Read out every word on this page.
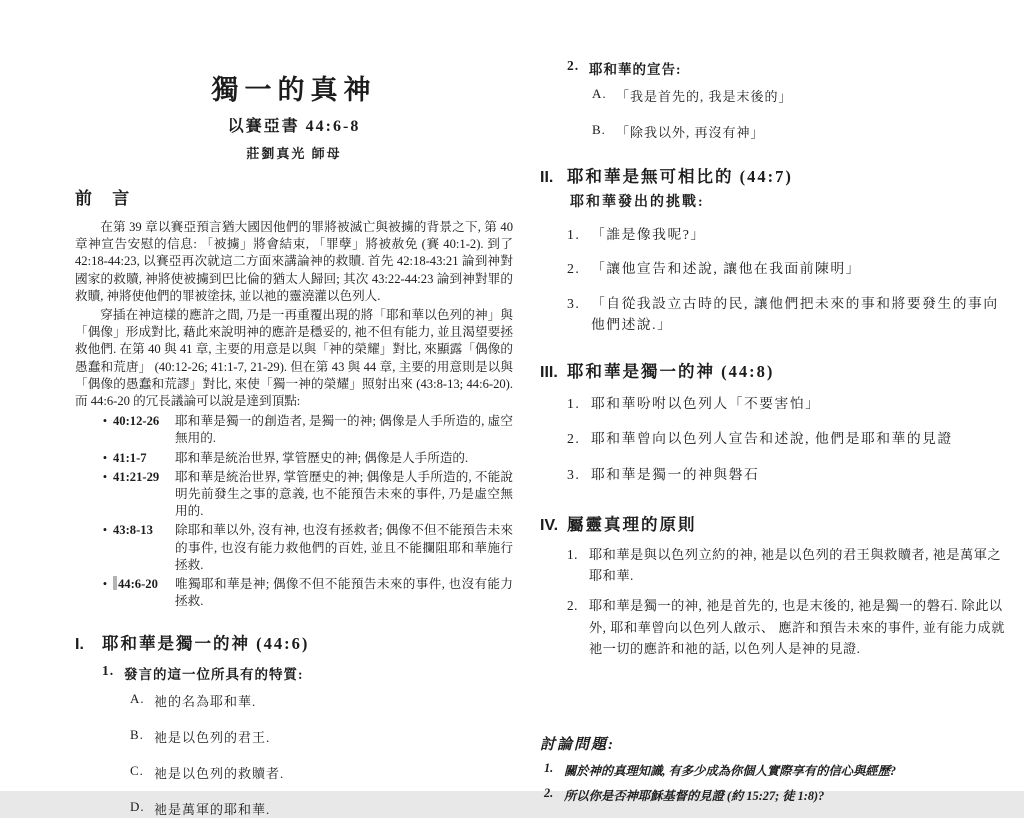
獨一的真神
以賽亞書 44:6-8
莊劉真光 師母
前 言
在第 39 章以賽亞預言猶大國因他們的罪將被滅亡與被擄的背景之下, 第 40 章神宣告安慰的信息: 「被擄」將會結束, 「罪孽」將被赦免 (賽 40:1-2). 到了 42:18-44:23, 以賽亞再次就這二方面來講論神的救贖. 首先 42:18-43:21 論到神對國家的救贖, 神將使被擄到巴比倫的猶太人歸回; 其次 43:22-44:23 論到神對罪的救贖, 神將使他們的罪被塗抹, 並以祂的靈澆灌以色列人.
穿插在神這樣的應許之間, 乃是一再重覆出現的將「耶和華以色列的神」與「偶像」形成對比, 藉此來說明神的應許是穩妥的, 祂不但有能力, 並且渴望要拯救他們. 在第 40 與 41 章, 主要的用意是以與「神的榮耀」對比, 來顯露「偶像的愚蠢和荒唐」 (40:12-26; 41:1-7, 21-29). 但在第 43 與 44 章, 主要的用意則是以與 「偶像的愚蠢和荒謬」對比, 來使「獨一神的榮耀」照射出來 (43:8-13; 44:6-20). 而 44:6-20 的冗長議論可以說是達到頂點:
• 40:12-26	耶和華是獨一的創造者, 是獨一的神; 偶像是人手所造的, 虛空無用的.
• 41:1-7	耶和華是統治世界, 掌管歷史的神; 偶像是人手所造的.
• 41:21-29	耶和華是統治世界, 掌管歷史的神; 偶像是人手所造的, 不能說明先前發生之事的意義, 也不能預告未來的事件, 乃是虛空無用的.
• 43:8-13	除耶和華以外, 沒有神, 也沒有拯救者; 偶像不但不能預告未來的事件, 也沒有能力救他們的百姓, 並且不能攔阻耶和華施行拯救.
• 44:6-20	唯獨耶和華是神; 偶像不但不能預告未來的事件, 也沒有能力拯救.
I.	耶和華是獨一的神 (44:6)
1. 發言的這一位所具有的特質:
A. 祂的名為耶和華.
B. 祂是以色列的君王.
C. 祂是以色列的救贖者.
D. 祂是萬軍的耶和華.
2. 耶和華的宣告:
A. 「我是首先的, 我是末後的」
B. 「除我以外, 再沒有神」
II. 耶和華是無可相比的 (44:7)
耶和華發出的挑戰:
1. 「誰是像我呢?」
2. 「讓他宣告和述說, 讓他在我面前陳明」
3. 「自從我設立古時的民, 讓他們把未來的事和將要發生的事向他們述說.」
III. 耶和華是獨一的神 (44:8)
1. 耶和華吩咐以色列人「不要害怕」
2. 耶和華曾向以色列人宣告和述說, 他們是耶和華的見證
3. 耶和華是獨一的神與磐石
IV. 屬靈真理的原則
1. 耶和華是與以色列立約的神, 祂是以色列的君王與救贖者, 祂是萬軍之耶和華.
2. 耶和華是獨一的神, 祂是首先的, 也是末後的, 祂是獨一的磐石. 除此以外, 耶和華曾向以色列人啟示、 應許和預告未來的事件, 並有能力成就祂一切的應許和祂的話, 以色列人是神的見證.
討論問題:
1. 關於神的真理知識, 有多少成為你個人實際享有的信心與經歷?
2. 所以你是否神耶穌基督的見證 (約 15:27; 徒 1:8)?
